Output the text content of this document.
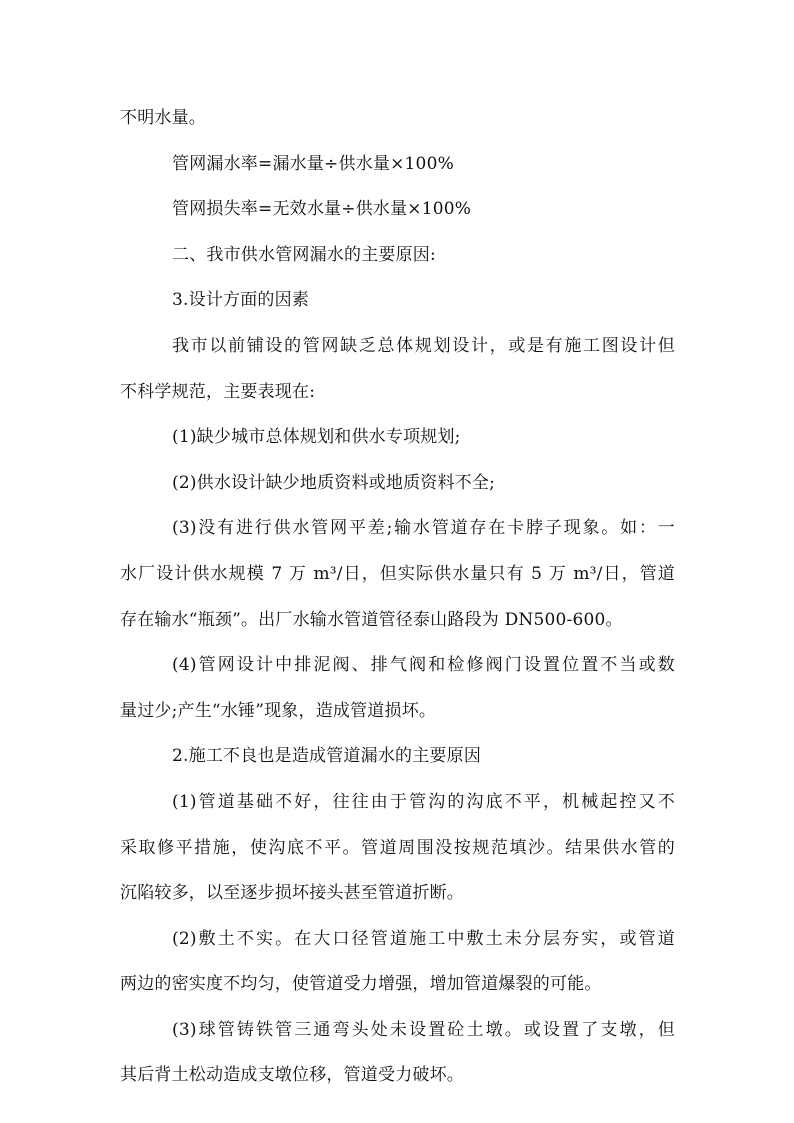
不明水量。
管网漏水率=漏水量÷供水量×100%
管网损失率=无效水量÷供水量×100%
二、我市供水管网漏水的主要原因:
3.设计方面的因素
我市以前铺设的管网缺乏总体规划设计，或是有施工图设计但
不科学规范，主要表现在:
(1)缺少城市总体规划和供水专项规划;
(2)供水设计缺少地质资料或地质资料不全;
(3)没有进行供水管网平差;输水管道存在卡脖子现象。如：一
水厂设计供水规模 7 万 m³/日，但实际供水量只有 5 万 m³/日，管道
存在输水“瓶颈”。出厂水输水管道管径泰山路段为 DN500-600。
(4)管网设计中排泥阀、排气阀和检修阀门设置位置不当或数
量过少;产生“水锤”现象，造成管道损坏。
2.施工不良也是造成管道漏水的主要原因
(1)管道基础不好，往往由于管沟的沟底不平，机械起控又不
采取修平措施，使沟底不平。管道周围没按规范填沙。结果供水管的
沉陷较多，以至逐步损坏接头甚至管道折断。
(2)敷土不实。在大口径管道施工中敷土未分层夯实，或管道
两边的密实度不均匀，使管道受力增强，增加管道爆裂的可能。
(3)球管铸铁管三通弯头处未设置砼土墩。或设置了支墩，但
其后背土松动造成支墩位移，管道受力破坏。
